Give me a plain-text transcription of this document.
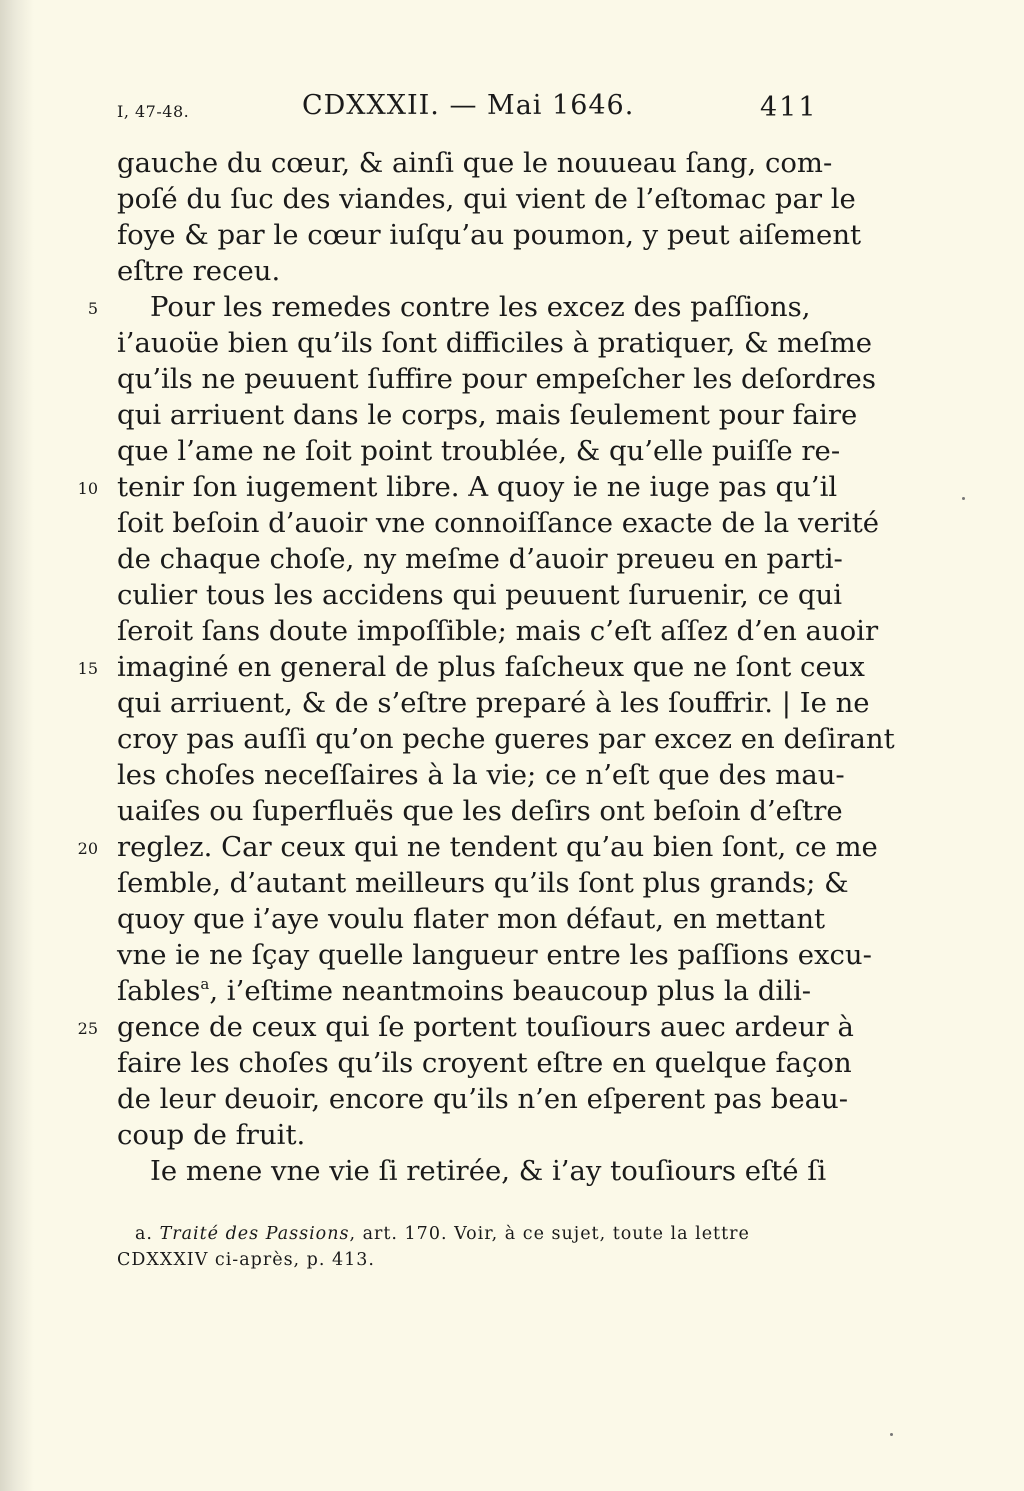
I, 47-48.	CDXXXII. — Mai 1646.	411
gauche du cœur, & ainſi que le nouueau ſang, com-
poſé du ſuc des viandes, qui vient de l’eſtomac par le
foye & par le cœur iuſqu’au poumon, y peut aiſement
eſtre receu.
Pour les remedes contre les excez des paſſions,
i’auoüe bien qu’ils ſont difficiles à pratiquer, & meſme
qu’ils ne peuuent ſuffire pour empeſcher les deſordres
qui arriuent dans le corps, mais ſeulement pour faire
que l’ame ne ſoit point troublée, & qu’elle puiſſe re-
tenir ſon iugement libre. A quoy ie ne iuge pas qu’il
ſoit beſoin d’auoir vne connoiſſance exacte de la verité
de chaque choſe, ny meſme d’auoir preueu en parti-
culier tous les accidens qui peuuent ſuruenir, ce qui
ſeroit ſans doute impoſſible; mais c’eſt aſſez d’en auoir
imaginé en general de plus faſcheux que ne ſont ceux
qui arriuent, & de s’eſtre preparé à les ſouffrir. | Ie ne
croy pas auſſi qu’on peche gueres par excez en deſirant
les choſes neceſſaires à la vie; ce n’eſt que des mau-
uaiſes ou ſuperfluës que les deſirs ont beſoin d’eſtre
reglez. Car ceux qui ne tendent qu’au bien ſont, ce me
ſemble, d’autant meilleurs qu’ils ſont plus grands; &
quoy que i’aye voulu flater mon défaut, en mettant
vne ie ne ſçay quelle langueur entre les paſſions excu-
ſables$^a$, i’eſtime neantmoins beaucoup plus la dili-
gence de ceux qui ſe portent touſiours auec ardeur à
faire les choſes qu’ils croyent eſtre en quelque façon
de leur deuoir, encore qu’ils n’en eſperent pas beau-
coup de fruit.
Ie mene vne vie ſi retirée, & i’ay touſiours eſté ſi
5
10
15
20
25
a. Traité des Passions, art. 170. Voir, à ce sujet, toute la lettre
CDXXXIV ci-après, p. 413.
